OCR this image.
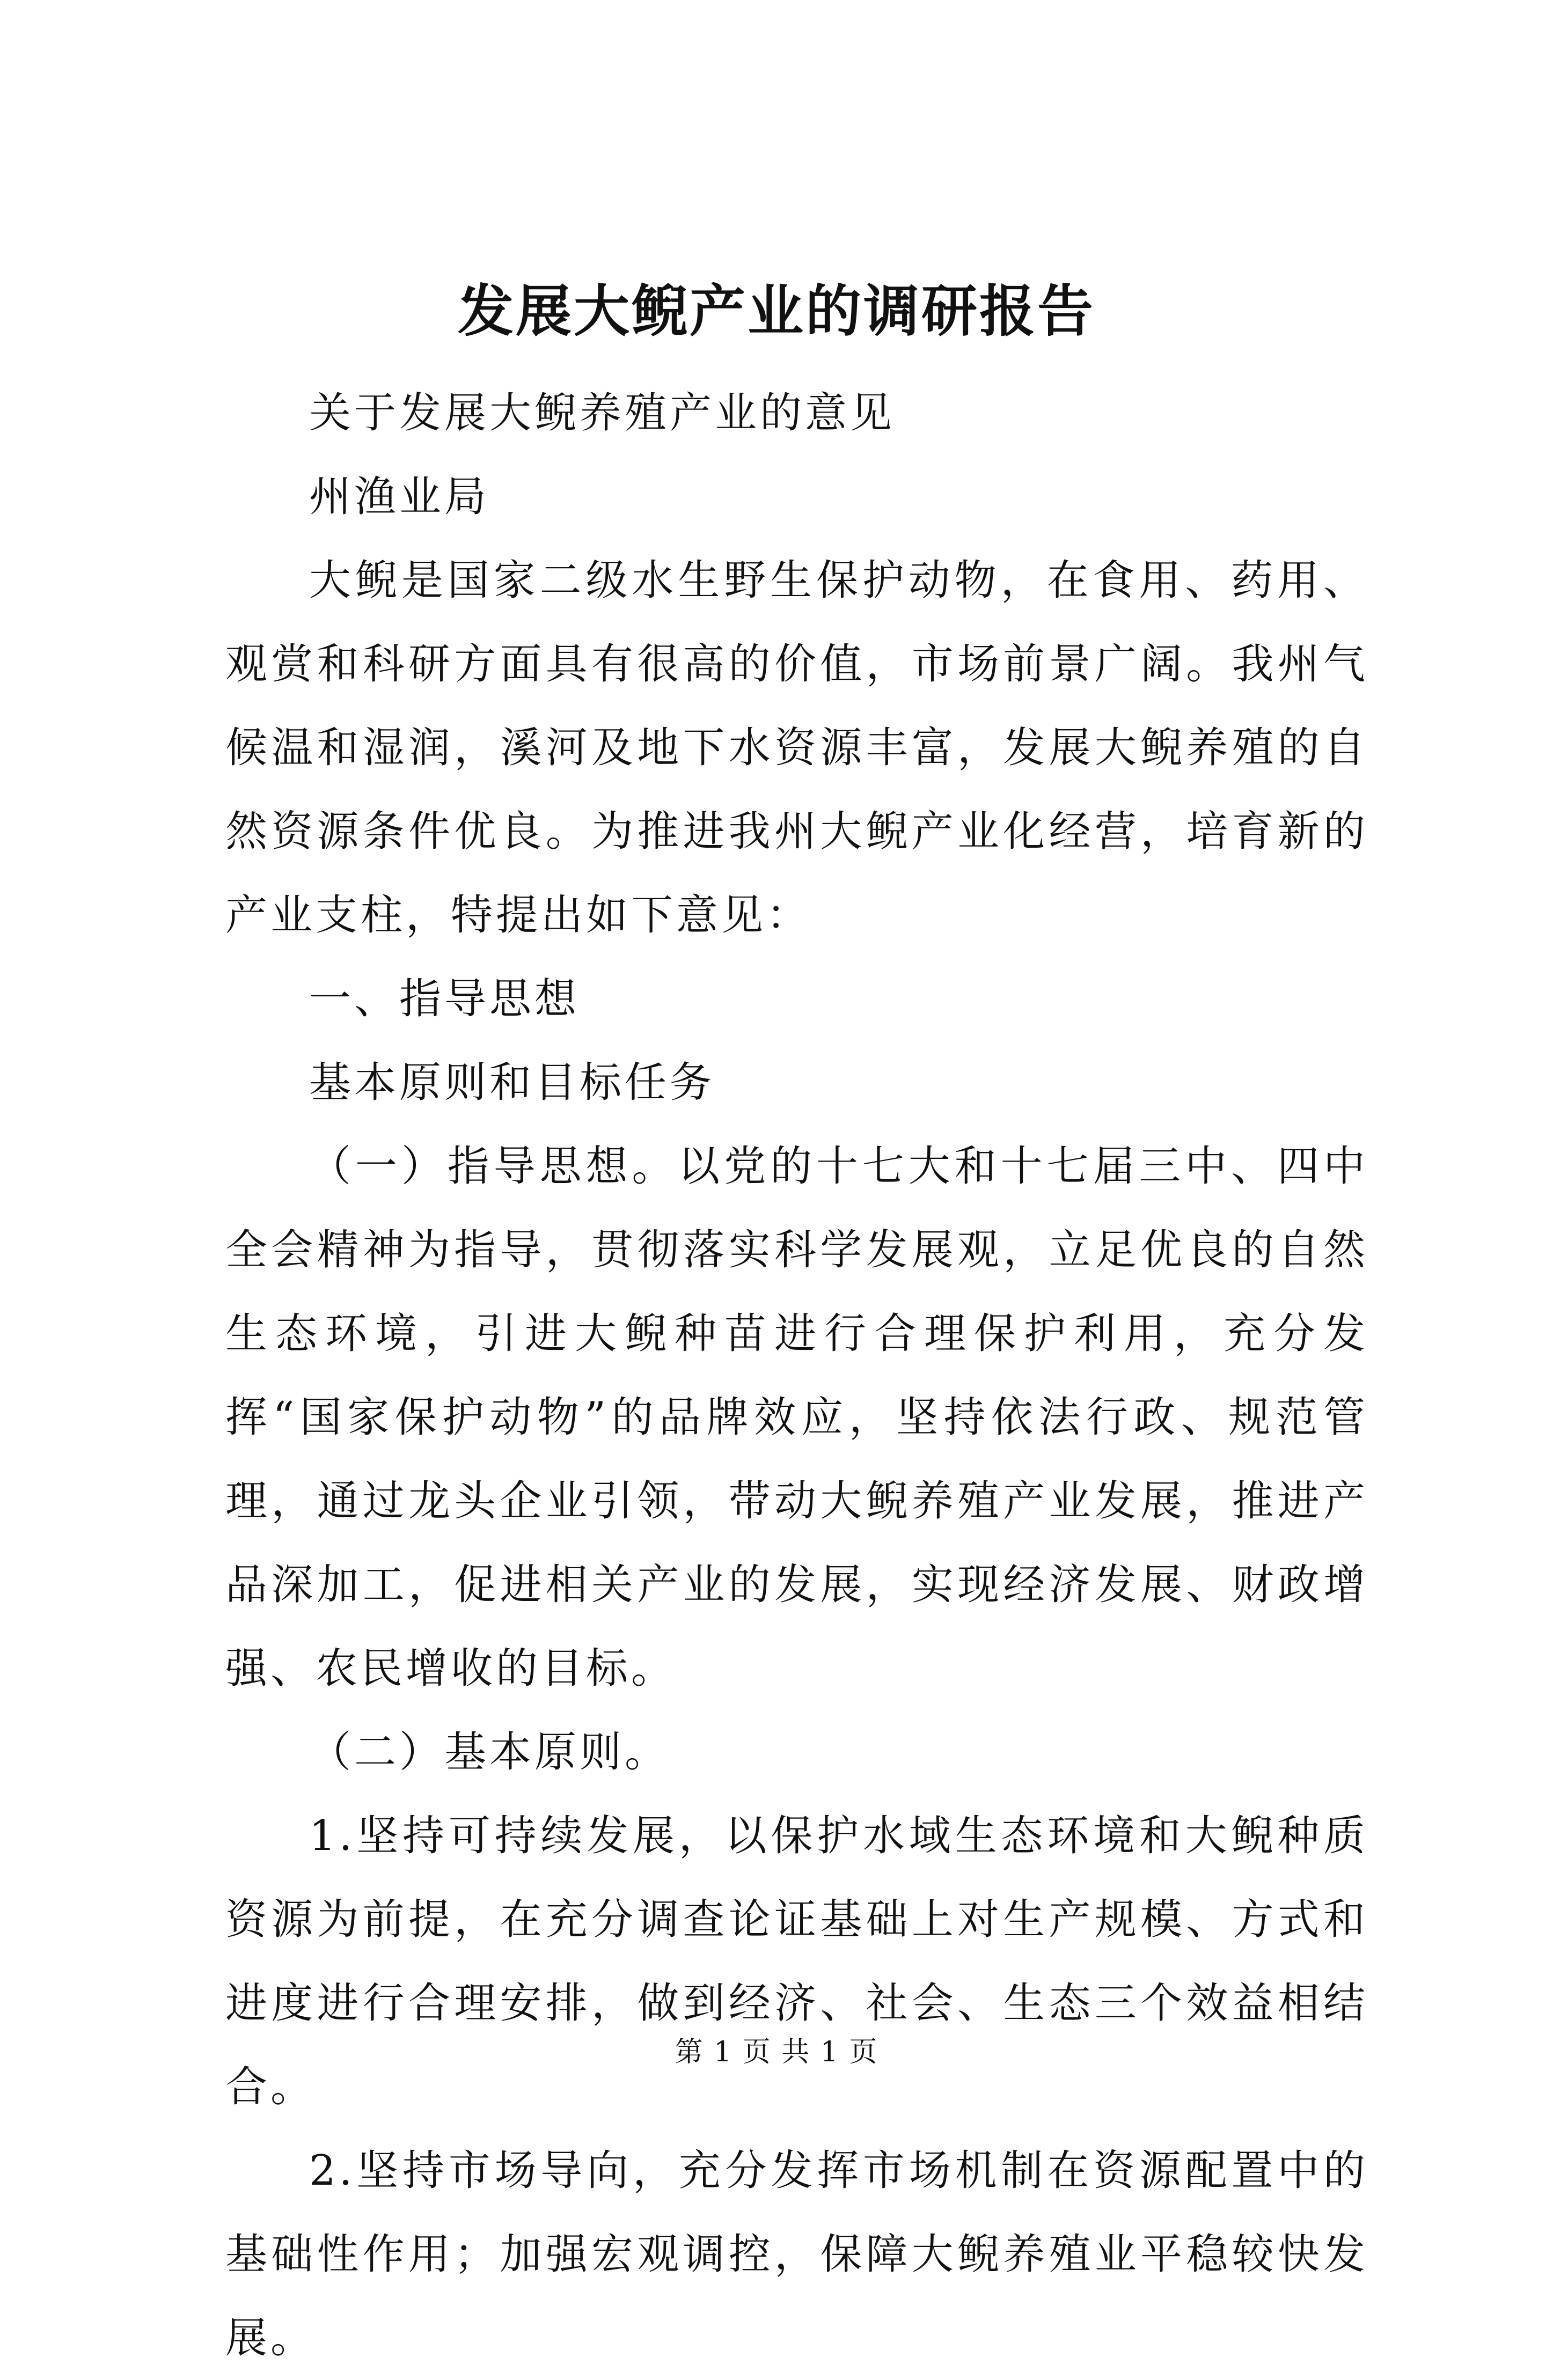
发展大鲵产业的调研报告

关于发展大鲵养殖产业的意见

州渔业局

大鲵是国家二级水生野生保护动物，在食用、药用、观赏和科研方面具有很高的价值，市场前景广阔。我州气候温和湿润，溪河及地下水资源丰富，发展大鲵养殖的自然资源条件优良。为推进我州大鲵产业化经营，培育新的产业支柱，特提出如下意见：

一、指导思想

基本原则和目标任务

（一）指导思想。以党的十七大和十七届三中、四中全会精神为指导，贯彻落实科学发展观，立足优良的自然生态环境，引进大鲵种苗进行合理保护利用，充分发挥“国家保护动物”的品牌效应，坚持依法行政、规范管理，通过龙头企业引领，带动大鲵养殖产业发展，推进产品深加工，促进相关产业的发展，实现经济发展、财政增强、农民增收的目标。

（二）基本原则。

1.坚持可持续发展，以保护水域生态环境和大鲵种质资源为前提，在充分调查论证基础上对生产规模、方式和进度进行合理安排，做到经济、社会、生态三个效益相结合。

2.坚持市场导向，充分发挥市场机制在资源配置中的基础性作用；加强宏观调控，保障大鲵养殖业平稳较快发展。

第 1 页 共 1 页
